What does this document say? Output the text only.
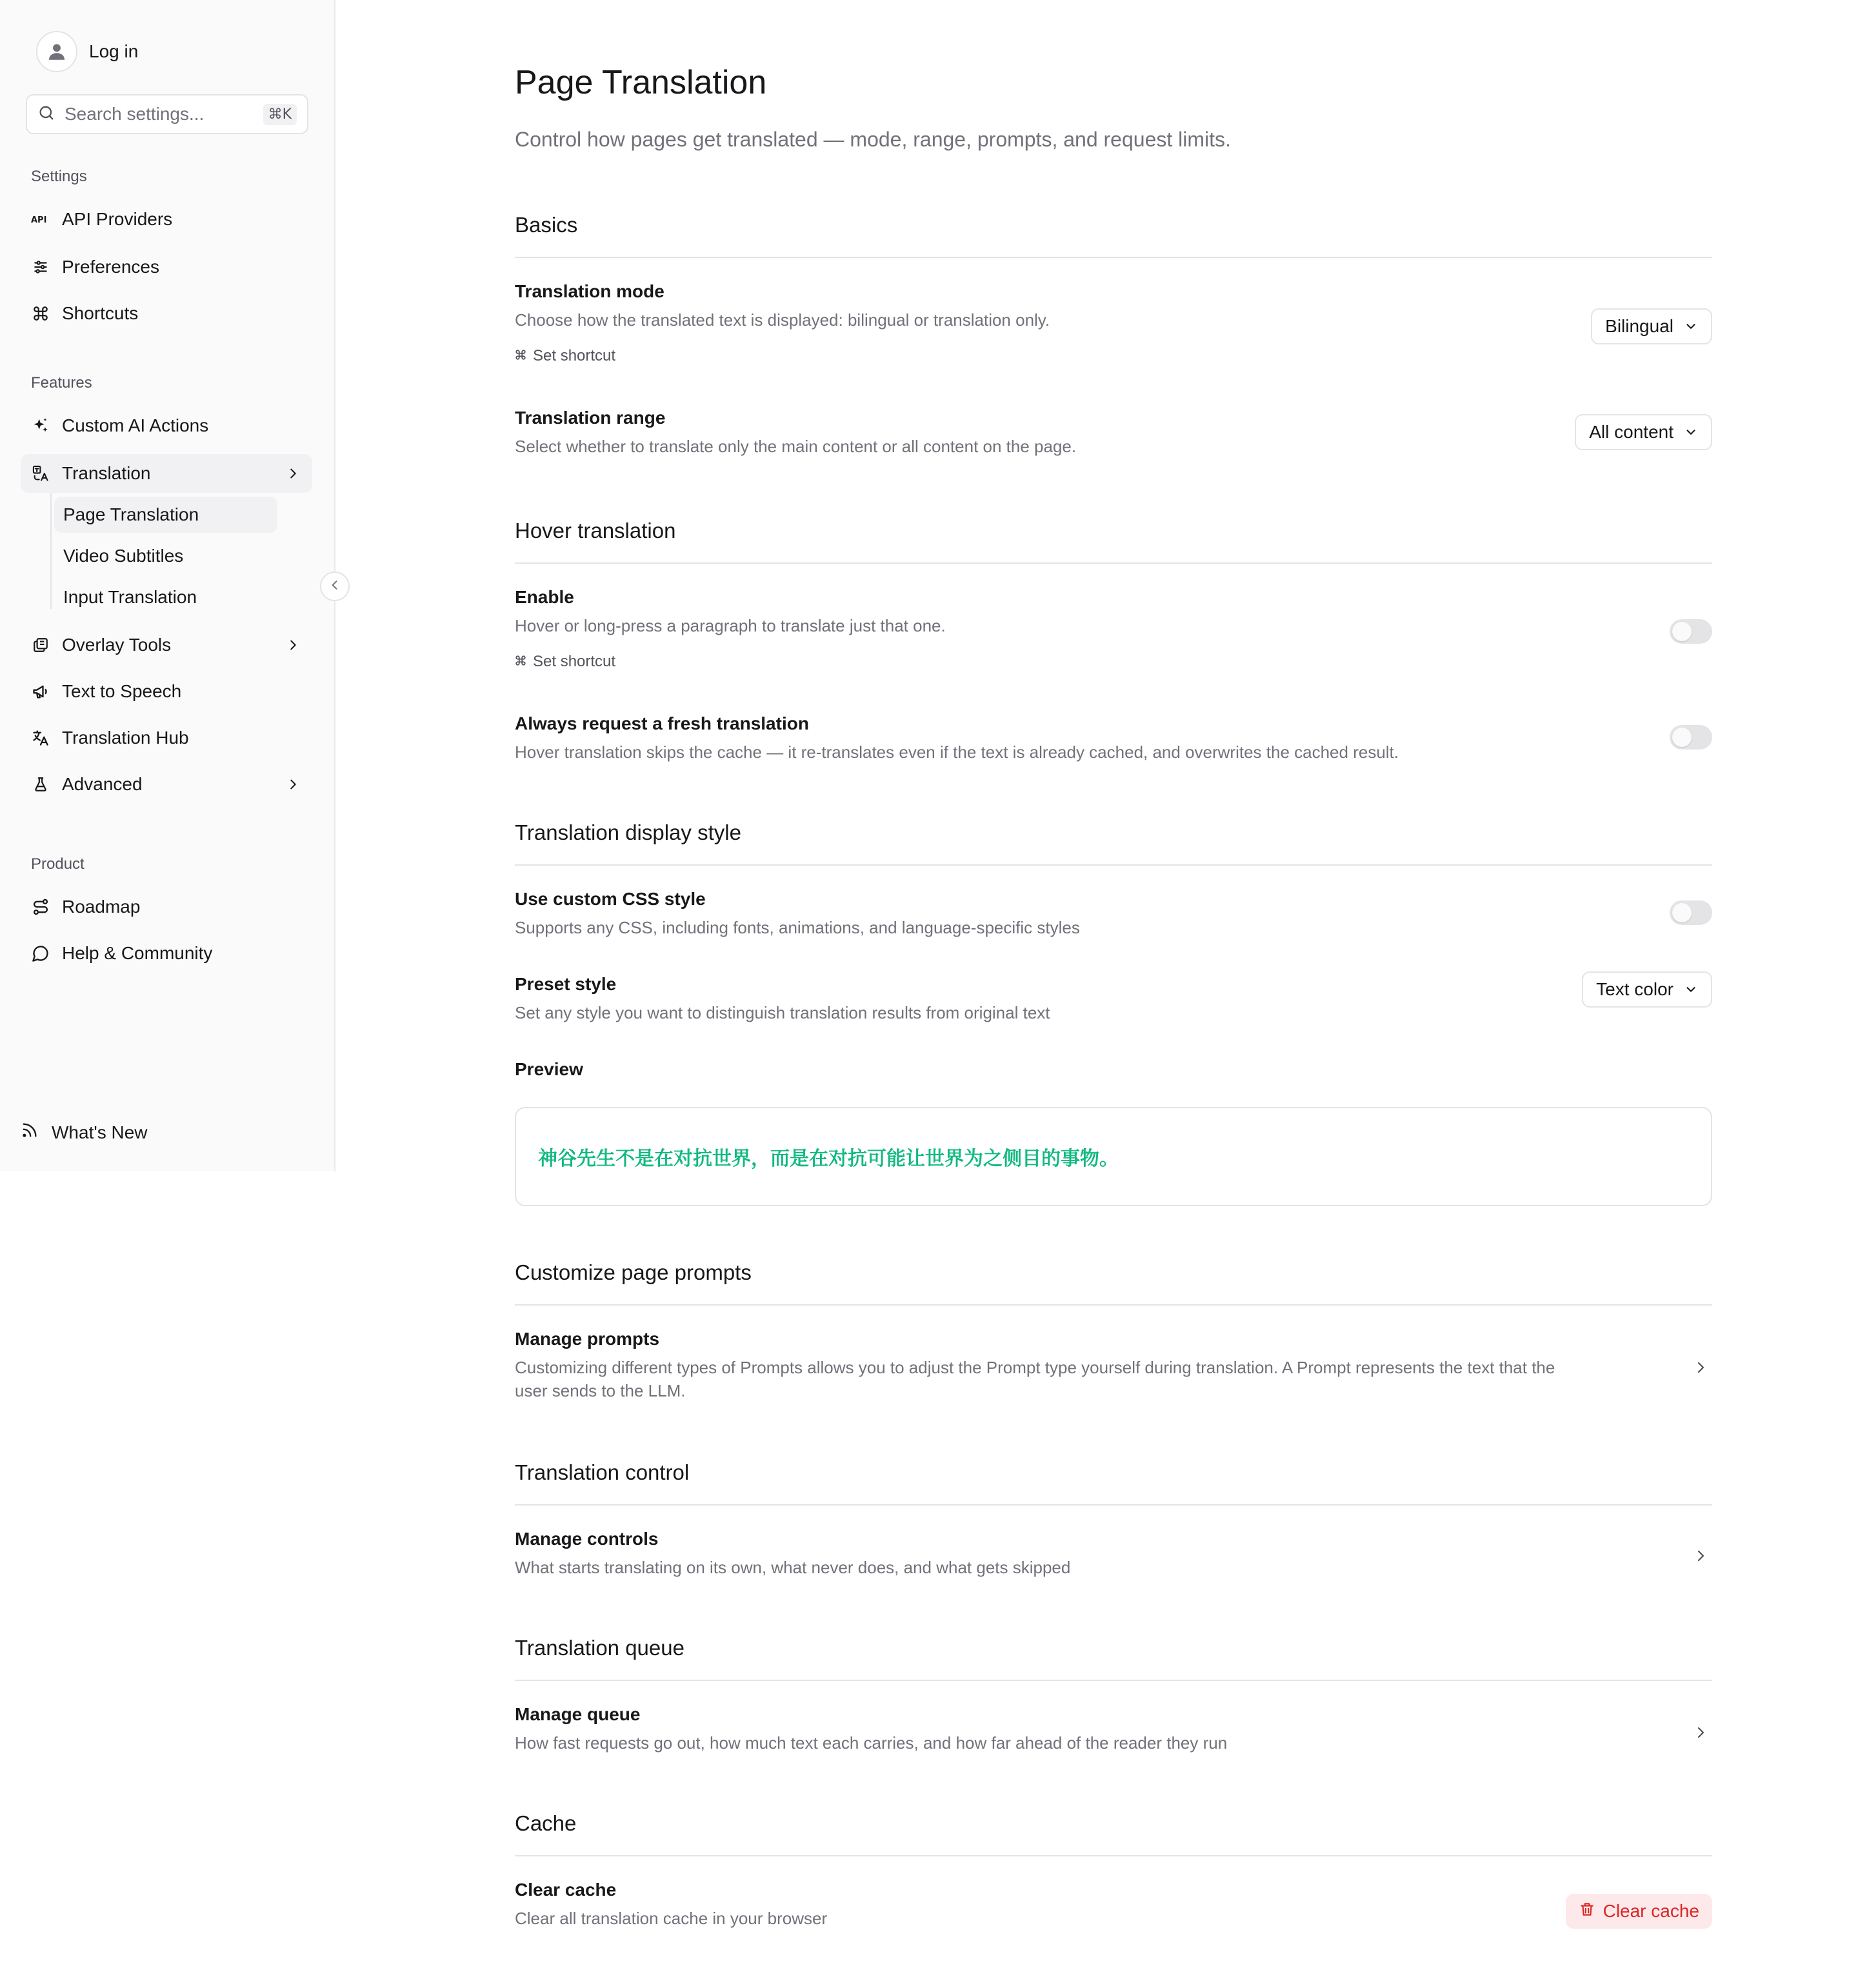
Log in
Search settings...
⌘K
Settings
API API Providers
Preferences
Shortcuts
Features
Custom AI Actions
Translation
Page Translation
Video Subtitles
Input Translation
Overlay Tools
Text to Speech
Translation Hub
Advanced
Product
Roadmap
Help & Community
What's New
Page Translation

Control how pages get translated — mode, range, prompts, and request limits.

Basics
Translation mode
Choose how the translated text is displayed: bilingual or translation only.
Set shortcut
Bilingual
Translation range
Select whether to translate only the main content or all content on the page.
All content
Hover translation
Enable
Hover or long-press a paragraph to translate just that one.
Set shortcut
Always request a fresh translation
Hover translation skips the cache — it re-translates even if the text is already cached, and overwrites the cached result.
Translation display style
Use custom CSS style
Supports any CSS, including fonts, animations, and language-specific styles
Preset style
Set any style you want to distinguish translation results from original text
Text color
Preview
神谷先生不是在对抗世界，而是在对抗可能让世界为之侧目的事物。
Customize page prompts
Manage prompts
Customizing different types of Prompts allows you to adjust the Prompt type yourself during translation. A Prompt represents the text that the user sends to the LLM.
Translation control
Manage controls
What starts translating on its own, what never does, and what gets skipped
Translation queue
Manage queue
How fast requests go out, how much text each carries, and how far ahead of the reader they run
Cache
Clear cache
Clear all translation cache in your browser	Clear cache
